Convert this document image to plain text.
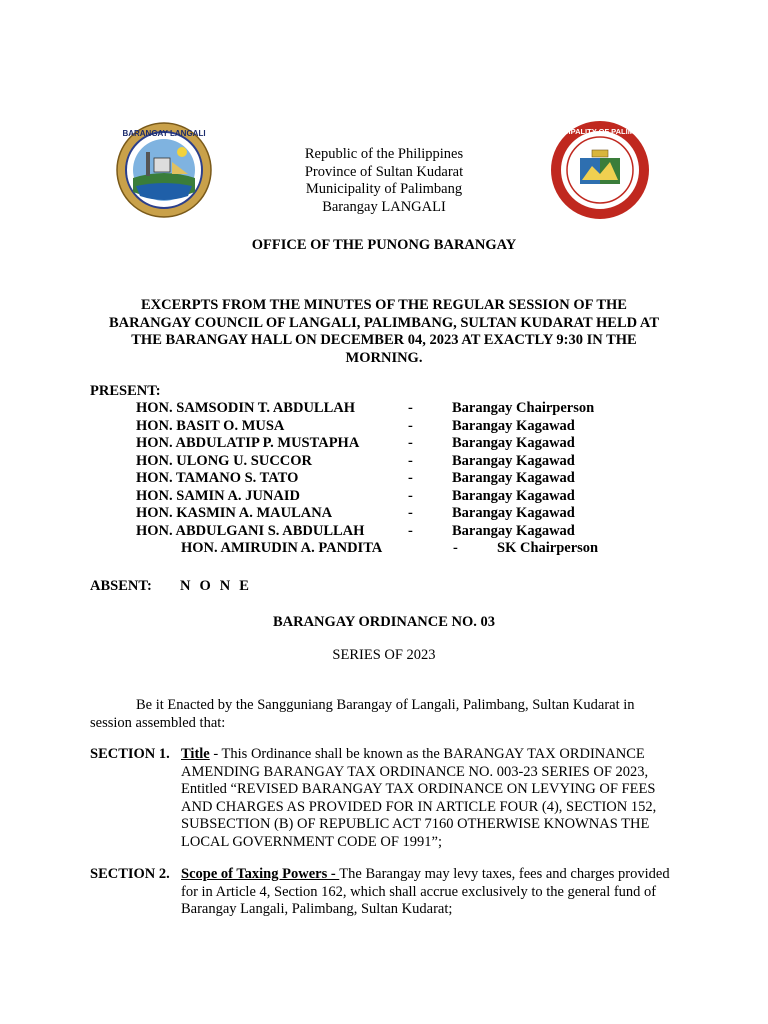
BARANGAY LANGALI	MUNICIPALITY OF PALIMBANG
Republic of the Philippines
Province of Sultan Kudarat
Municipality of Palimbang
Barangay LANGALI
OFFICE OF THE PUNONG BARANGAY
EXCERPTS FROM THE MINUTES OF THE REGULAR SESSION OF THE
BARANGAY COUNCIL OF LANGALI, PALIMBANG, SULTAN KUDARAT HELD AT
THE BARANGAY HALL ON DECEMBER 04, 2023 AT EXACTLY 9:30 IN THE
MORNING.
PRESENT:
HON. SAMSODIN T. ABDULLAH	-	Barangay Chairperson
HON. BASIT O. MUSA	-	Barangay Kagawad
HON. ABDULATIP P. MUSTAPHA	-	Barangay Kagawad
HON. ULONG U. SUCCOR	-	Barangay Kagawad
HON. TAMANO S. TATO	-	Barangay Kagawad
HON. SAMIN A. JUNAID	-	Barangay Kagawad
HON. KASMIN A. MAULANA	-	Barangay Kagawad
HON. ABDULGANI S. ABDULLAH	-	Barangay Kagawad
HON. AMIRUDIN A. PANDITA	-	SK Chairperson
ABSENT: NONE
BARANGAY ORDINANCE NO. 03
SERIES OF 2023
Be it Enacted by the Sangguniang Barangay of Langali, Palimbang, Sultan Kudarat in
session assembled that:
SECTION 1. Title - This Ordinance shall be known as the BARANGAY TAX ORDINANCE AMENDING BARANGAY TAX ORDINANCE NO. 003-23 SERIES OF 2023, Entitled “REVISED BARANGAY TAX ORDINANCE ON LEVYING OF FEES AND CHARGES AS PROVIDED FOR IN ARTICLE FOUR (4), SECTION 152, SUBSECTION (B) OF REPUBLIC ACT 7160 OTHERWISE KNOWNAS THE LOCAL GOVERNMENT CODE OF 1991”;
SECTION 2. Scope of Taxing Powers - The Barangay may levy taxes, fees and charges provided for in Article 4, Section 162, which shall accrue exclusively to the general fund of Barangay Langali, Palimbang, Sultan Kudarat;
